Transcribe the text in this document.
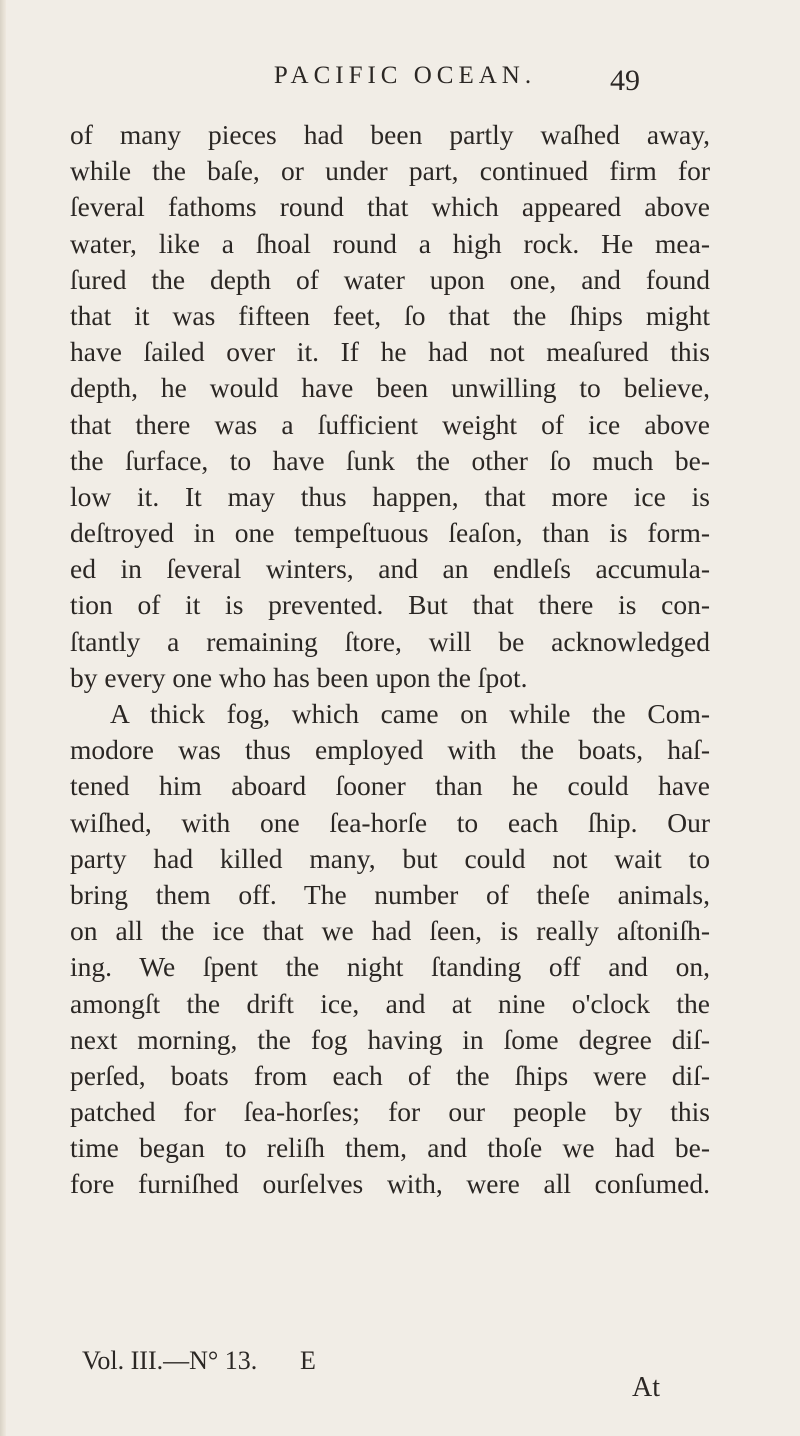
PACIFIC OCEAN.	49
of many pieces had been partly waſhed away,
while the baſe, or under part, continued firm for
ſeveral fathoms round that which appeared above
water, like a ſhoal round a high rock. He mea-
ſured the depth of water upon one, and found
that it was fifteen feet, ſo that the ſhips might
have ſailed over it. If he had not meaſured this
depth, he would have been unwilling to believe,
that there was a ſufficient weight of ice above
the ſurface, to have ſunk the other ſo much be-
low it. It may thus happen, that more ice is
deſtroyed in one tempeſtuous ſeaſon, than is form-
ed in ſeveral winters, and an endleſs accumula-
tion of it is prevented. But that there is con-
ſtantly a remaining ſtore, will be acknowledged
by every one who has been upon the ſpot.
A thick fog, which came on while the Com-
modore was thus employed with the boats, haſ-
tened him aboard ſooner than he could have
wiſhed, with one ſea-horſe to each ſhip. Our
party had killed many, but could not wait to
bring them off. The number of theſe animals,
on all the ice that we had ſeen, is really aſtoniſh-
ing. We ſpent the night ſtanding off and on,
amongſt the drift ice, and at nine o'clock the
next morning, the fog having in ſome degree diſ-
perſed, boats from each of the ſhips were diſ-
patched for ſea-horſes; for our people by this
time began to reliſh them, and thoſe we had be-
fore furniſhed ourſelves with, were all conſumed.
Vol. III.—N° 13. E
At
